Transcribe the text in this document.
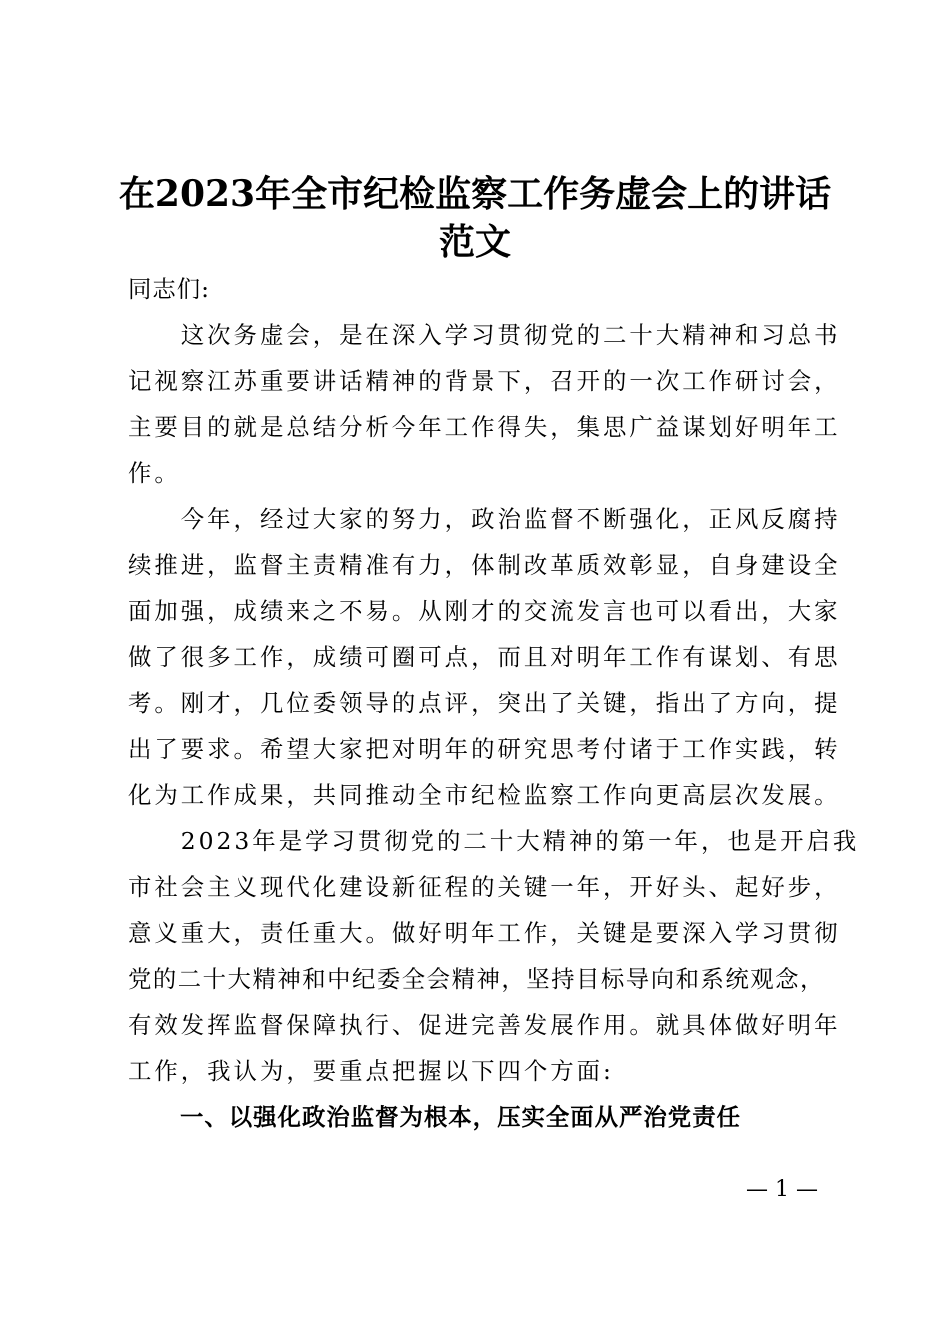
在2023年全市纪检监察工作务虚会上的讲话
范文
同志们:
　　这次务虚会，是在深入学习贯彻党的二十大精神和习总书
记视察江苏重要讲话精神的背景下，召开的一次工作研讨会，
主要目的就是总结分析今年工作得失，集思广益谋划好明年工
作。
　　今年，经过大家的努力，政治监督不断强化，正风反腐持
续推进，监督主责精准有力，体制改革质效彰显，自身建设全
面加强，成绩来之不易。从刚才的交流发言也可以看出，大家
做了很多工作，成绩可圈可点，而且对明年工作有谋划、有思
考。刚才，几位委领导的点评，突出了关键，指出了方向，提
出了要求。希望大家把对明年的研究思考付诸于工作实践，转
化为工作成果，共同推动全市纪检监察工作向更高层次发展。
　　2023年是学习贯彻党的二十大精神的第一年，也是开启我
市社会主义现代化建设新征程的关键一年，开好头、起好步，
意义重大，责任重大。做好明年工作，关键是要深入学习贯彻
党的二十大精神和中纪委全会精神，坚持目标导向和系统观念，
有效发挥监督保障执行、促进完善发展作用。就具体做好明年
工作，我认为，要重点把握以下四个方面:
一、以强化政治监督为根本，压实全面从严治党责任
— 1 —
